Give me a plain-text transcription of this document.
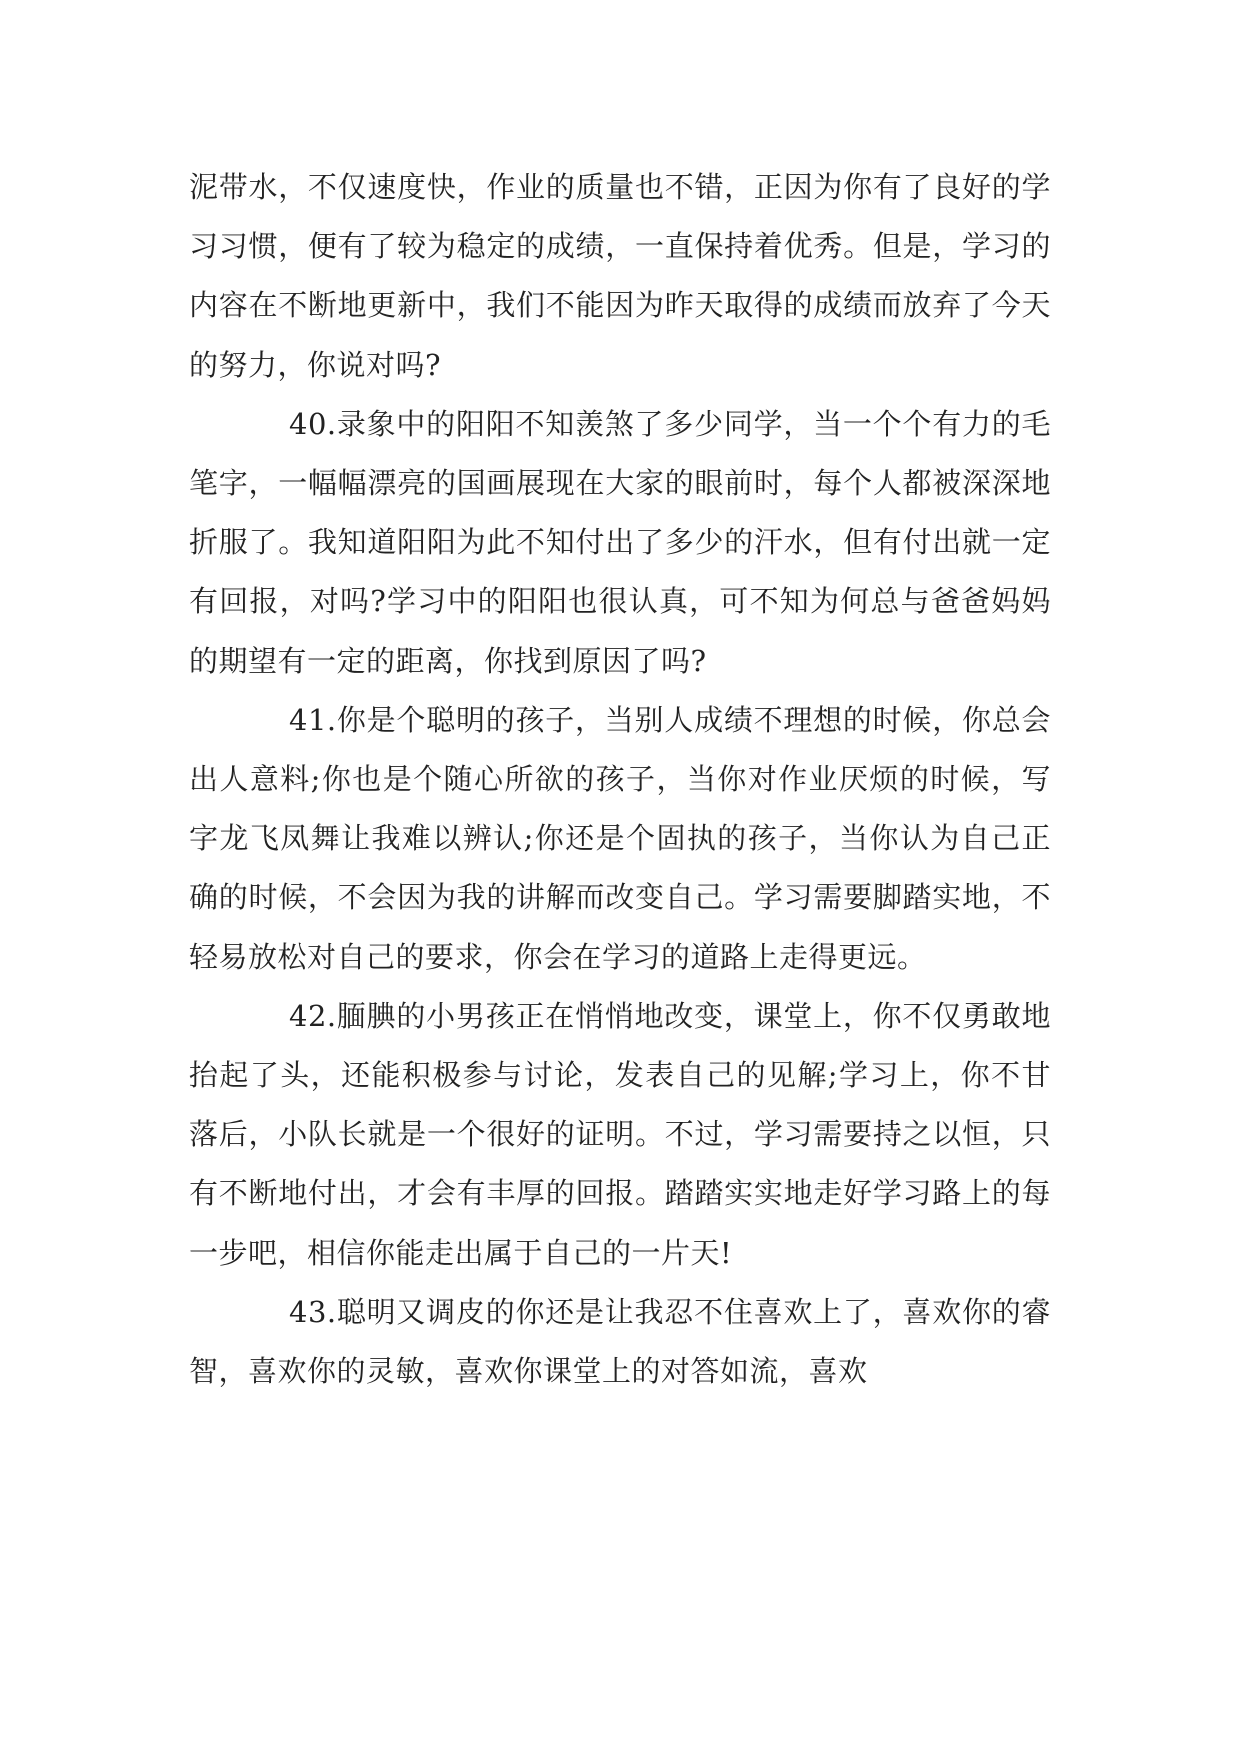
泥带水，不仅速度快，作业的质量也不错，正因为你有了良好的学习习惯，便有了较为稳定的成绩，一直保持着优秀。但是，学习的内容在不断地更新中，我们不能因为昨天取得的成绩而放弃了今天的努力，你说对吗?

40.录象中的阳阳不知羡煞了多少同学，当一个个有力的毛笔字，一幅幅漂亮的国画展现在大家的眼前时，每个人都被深深地折服了。我知道阳阳为此不知付出了多少的汗水，但有付出就一定有回报，对吗?学习中的阳阳也很认真，可不知为何总与爸爸妈妈的期望有一定的距离，你找到原因了吗?

41.你是个聪明的孩子，当别人成绩不理想的时候，你总会出人意料;你也是个随心所欲的孩子，当你对作业厌烦的时候，写字龙飞凤舞让我难以辨认;你还是个固执的孩子，当你认为自己正确的时候，不会因为我的讲解而改变自己。学习需要脚踏实地，不轻易放松对自己的要求，你会在学习的道路上走得更远。

42.腼腆的小男孩正在悄悄地改变，课堂上，你不仅勇敢地抬起了头，还能积极参与讨论，发表自己的见解;学习上，你不甘落后，小队长就是一个很好的证明。不过，学习需要持之以恒，只有不断地付出，才会有丰厚的回报。踏踏实实地走好学习路上的每一步吧，相信你能走出属于自己的一片天!

43.聪明又调皮的你还是让我忍不住喜欢上了，喜欢你的睿智，喜欢你的灵敏，喜欢你课堂上的对答如流，喜欢
